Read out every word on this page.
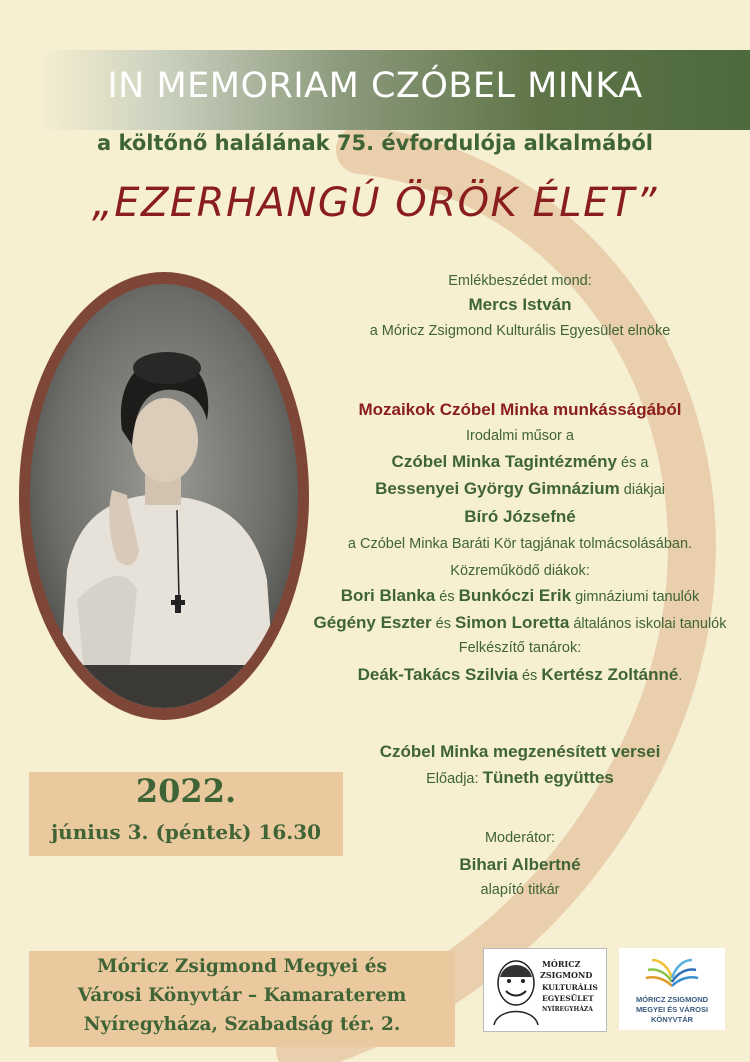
IN MEMORIAM CZÓBEL MINKA
a költőnő halálának 75. évfordulója alkalmából
„EZERHANGÚ ÖRÖK ÉLET”
Emlékbeszédet mond:
Mercs István
a Móricz Zsigmond Kulturális Egyesület elnöke
Mozaikok Czóbel Minka munkásságából
Irodalmi műsor a
Czóbel Minka Tagintézmény és a
Bessenyei György Gimnázium diákjai
Bíró Józsefné
a Czóbel Minka Baráti Kör tagjának tolmácsolásában.
Közreműködő diákok:
Bori Blanka és Bunkóczi Erik gimnáziumi tanulók
Gégény Eszter és Simon Loretta általános iskolai tanulók
Felkészítő tanárok:
Deák-Takács Szilvia és Kertész Zoltánné.
Czóbel Minka megzenésített versei
Előadja: Tüneth együttes
Moderátor:
Bihari Albertné
alapító titkár
2022.
június 3. (péntek) 16.30
Móricz Zsigmond Megyei és
Városi Könyvtár – Kamaraterem
Nyíregyháza, Szabadság tér. 2.
MÓRICZ
ZSIGMOND
KULTURÁLIS
EGYESÜLET
NYÍREGYHÁZA
MÓRICZ ZSIGMOND
MEGYEI ÉS VÁROSI
KÖNYVTÁR
